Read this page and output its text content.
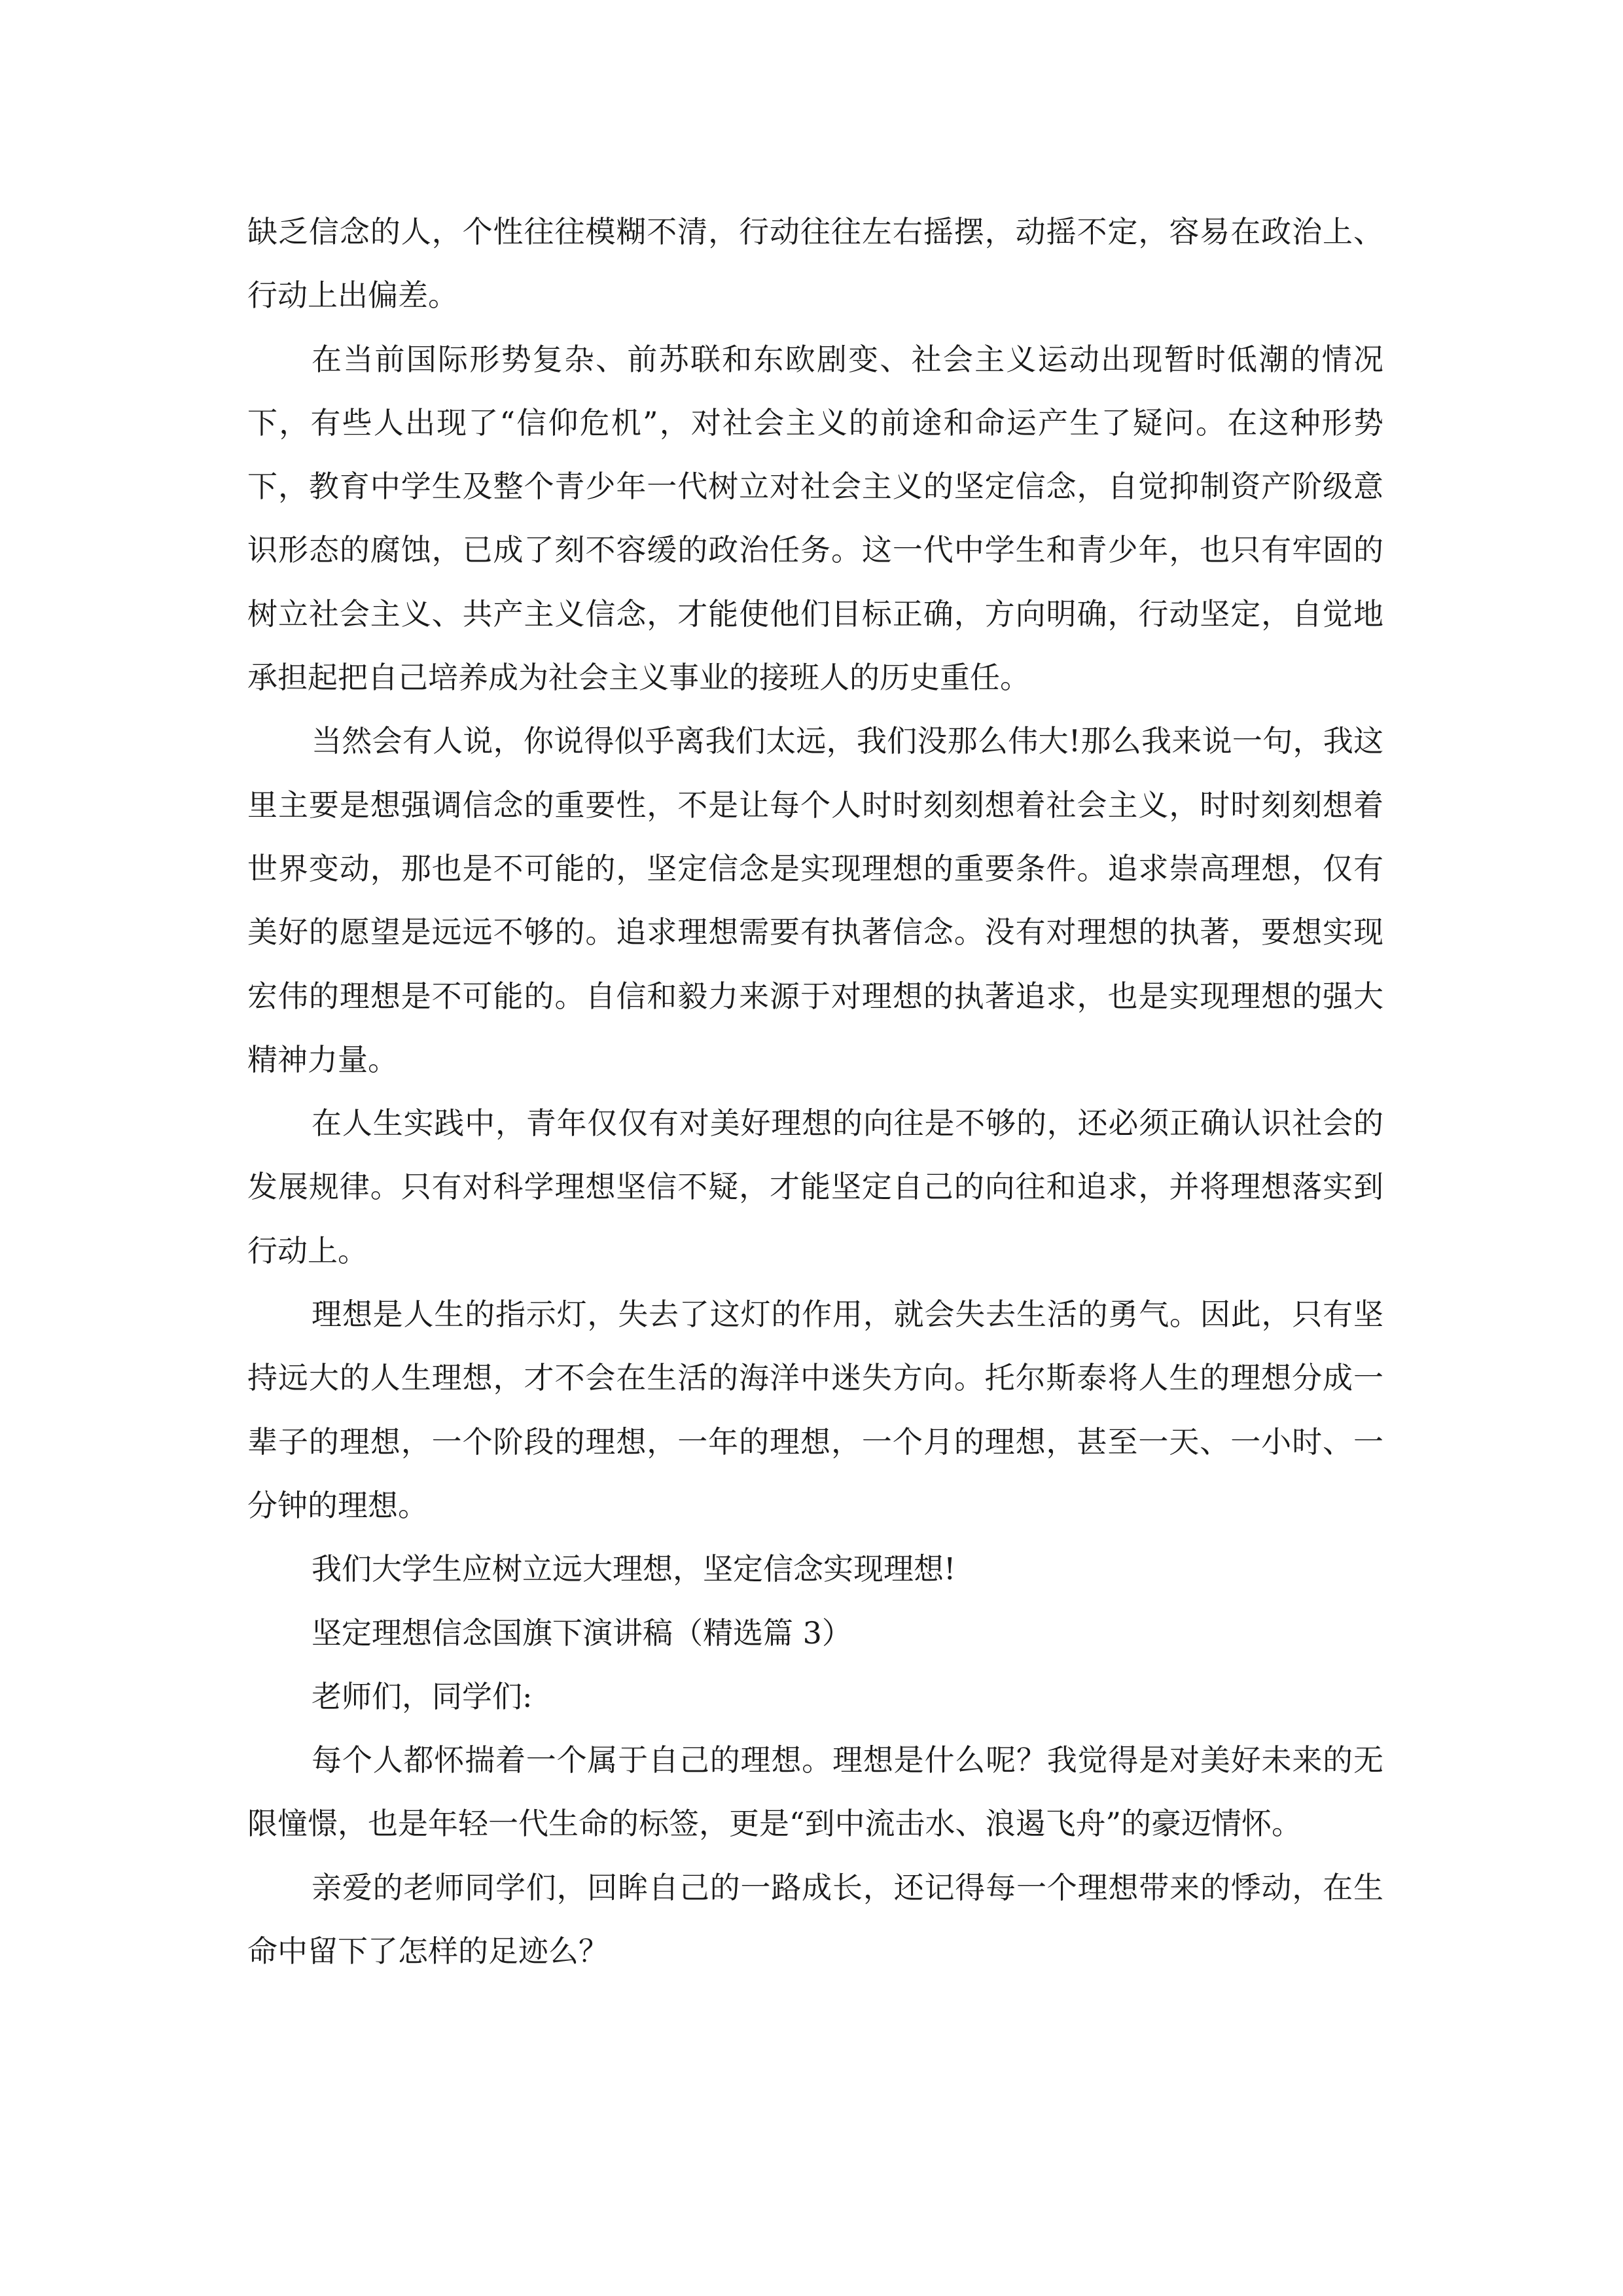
缺乏信念的人，个性往往模糊不清，行动往往左右摇摆，动摇不定，容易在政治上、行动上出偏差。

在当前国际形势复杂、前苏联和东欧剧变、社会主义运动出现暂时低潮的情况下，有些人出现了“信仰危机”，对社会主义的前途和命运产生了疑问。在这种形势下，教育中学生及整个青少年一代树立对社会主义的坚定信念，自觉抑制资产阶级意识形态的腐蚀，已成了刻不容缓的政治任务。这一代中学生和青少年，也只有牢固的树立社会主义、共产主义信念，才能使他们目标正确，方向明确，行动坚定，自觉地承担起把自己培养成为社会主义事业的接班人的历史重任。

当然会有人说，你说得似乎离我们太远，我们没那么伟大!那么我来说一句，我这里主要是想强调信念的重要性，不是让每个人时时刻刻想着社会主义，时时刻刻想着世界变动，那也是不可能的，坚定信念是实现理想的重要条件。追求崇高理想，仅有美好的愿望是远远不够的。追求理想需要有执著信念。没有对理想的执著，要想实现宏伟的理想是不可能的。自信和毅力来源于对理想的执著追求，也是实现理想的强大精神力量。

在人生实践中，青年仅仅有对美好理想的向往是不够的，还必须正确认识社会的发展规律。只有对科学理想坚信不疑，才能坚定自己的向往和追求，并将理想落实到行动上。

理想是人生的指示灯，失去了这灯的作用，就会失去生活的勇气。因此，只有坚持远大的人生理想，才不会在生活的海洋中迷失方向。托尔斯泰将人生的理想分成一辈子的理想，一个阶段的理想，一年的理想，一个月的理想，甚至一天、一小时、一分钟的理想。

我们大学生应树立远大理想，坚定信念实现理想!

坚定理想信念国旗下演讲稿（精选篇 3）

老师们，同学们:

每个人都怀揣着一个属于自己的理想。理想是什么呢？我觉得是对美好未来的无限憧憬，也是年轻一代生命的标签，更是“到中流击水、浪遏飞舟”的豪迈情怀。

亲爱的老师同学们，回眸自己的一路成长，还记得每一个理想带来的悸动，在生命中留下了怎样的足迹么？
